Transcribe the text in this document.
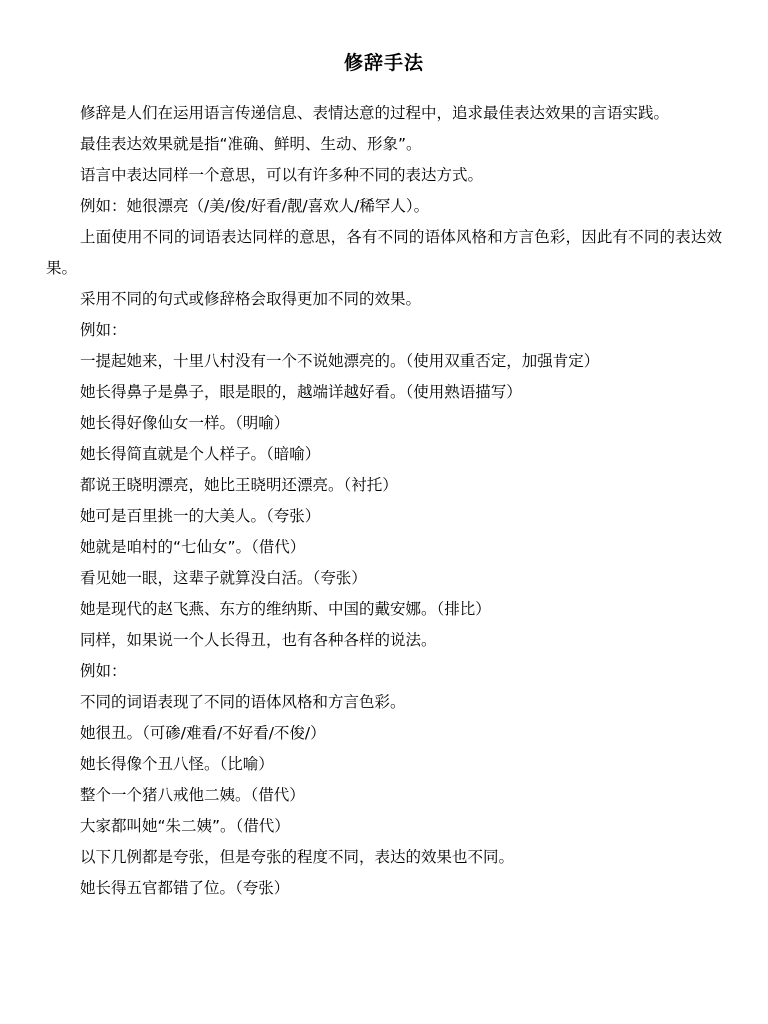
修辞手法

修辞是人们在运用语言传递信息、表情达意的过程中，追求最佳表达效果的言语实践。

最佳表达效果就是指“准确、鲜明、生动、形象”。

语言中表达同样一个意思，可以有许多种不同的表达方式。

例如：她很漂亮（/美/俊/好看/靓/喜欢人/稀罕人）。

上面使用不同的词语表达同样的意思，各有不同的语体风格和方言色彩，因此有不同的表达效果。

采用不同的句式或修辞格会取得更加不同的效果。

例如：

一提起她来，十里八村没有一个不说她漂亮的。（使用双重否定，加强肯定）

她长得鼻子是鼻子，眼是眼的，越端详越好看。（使用熟语描写）

她长得好像仙女一样。（明喻）

她长得简直就是个人样子。（暗喻）

都说王晓明漂亮，她比王晓明还漂亮。（衬托）

她可是百里挑一的大美人。（夸张）

她就是咱村的“七仙女”。（借代）

看见她一眼，这辈子就算没白活。（夸张）

她是现代的赵飞燕、东方的维纳斯、中国的戴安娜。（排比）

同样，如果说一个人长得丑，也有各种各样的说法。

例如：

不同的词语表现了不同的语体风格和方言色彩。

她很丑。（可碜/难看/不好看/不俊/）

她长得像个丑八怪。（比喻）

整个一个猪八戒他二姨。（借代）

大家都叫她“朱二姨”。（借代）

以下几例都是夸张，但是夸张的程度不同，表达的效果也不同。

她长得五官都错了位。（夸张）
